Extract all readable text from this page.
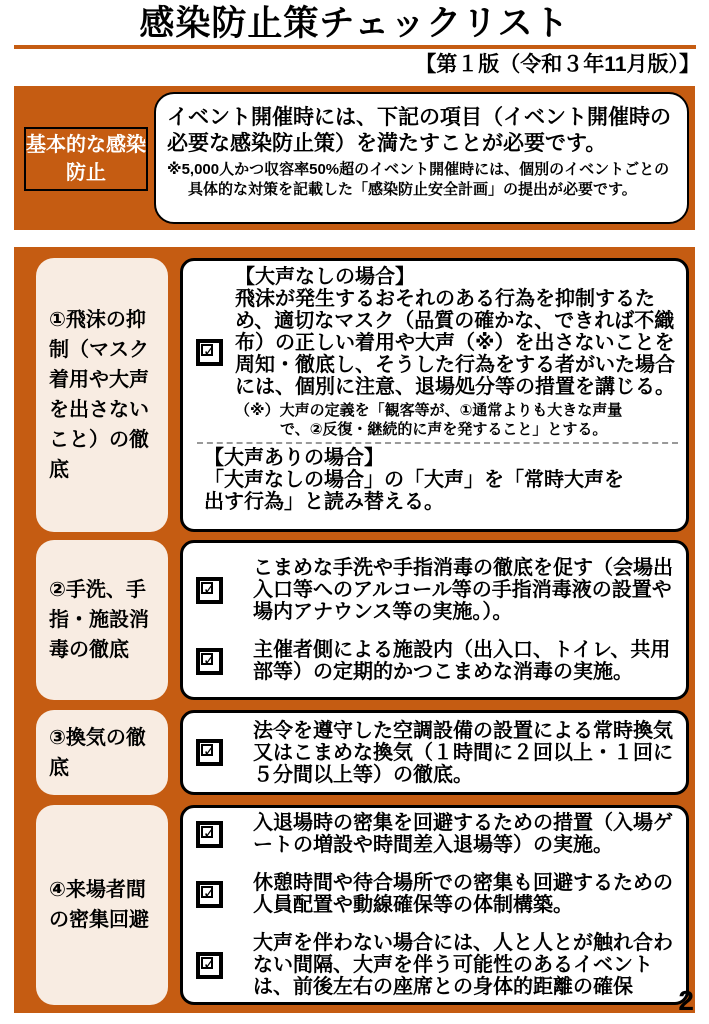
感染防止策チェックリスト
【第１版（令和３年11月版）】
基本的な感染防止
イベント開催時には、下記の項目（イベント開催時の必要な感染防止策）を満たすことが必要です。
※5,000人かつ収容率50%超のイベント開催時には、個別のイベントごとの具体的な対策を記載した「感染防止安全計画」の提出が必要です。
①飛沫の抑制（マスク着用や大声を出さないこと）の徹底
✓
【大声なしの場合】
飛沫が発生するおそれのある行為を抑制するため、適切なマスク（品質の確かな、できれば不織布）の正しい着用や大声（※）を出さないことを周知・徹底し、そうした行為をする者がいた場合には、個別に注意、退場処分等の措置を講じる。
（※）大声の定義を「観客等が、①通常よりも大きな声量
で、②反復・継続的に声を発すること」とする。
【大声ありの場合】
「大声なしの場合」の「大声」を「常時大声を出す行為」と読み替える。
②手洗、手指・施設消毒の徹底
✓
こまめな手洗や手指消毒の徹底を促す（会場出入口等へのアルコール等の手指消毒液の設置や場内アナウンス等の実施。）。
✓ 主催者側による施設内（出入口、トイレ、共用部等）の定期的かつこまめな消毒の実施。
③換気の徹底
✓
法令を遵守した空調設備の設置による常時換気又はこまめな換気（１時間に２回以上・１回に５分間以上等）の徹底。
④来場者間の密集回避
✓ 入退場時の密集を回避するための措置（入場ゲートの増設や時間差入退場等）の実施。
✓ 休憩時間や待合場所での密集も回避するための人員配置や動線確保等の体制構築。
✓
大声を伴わない場合には、人と人とが触れ合わない間隔、大声を伴う可能性のあるイベントは、前後左右の座席との身体的距離の確保	2
